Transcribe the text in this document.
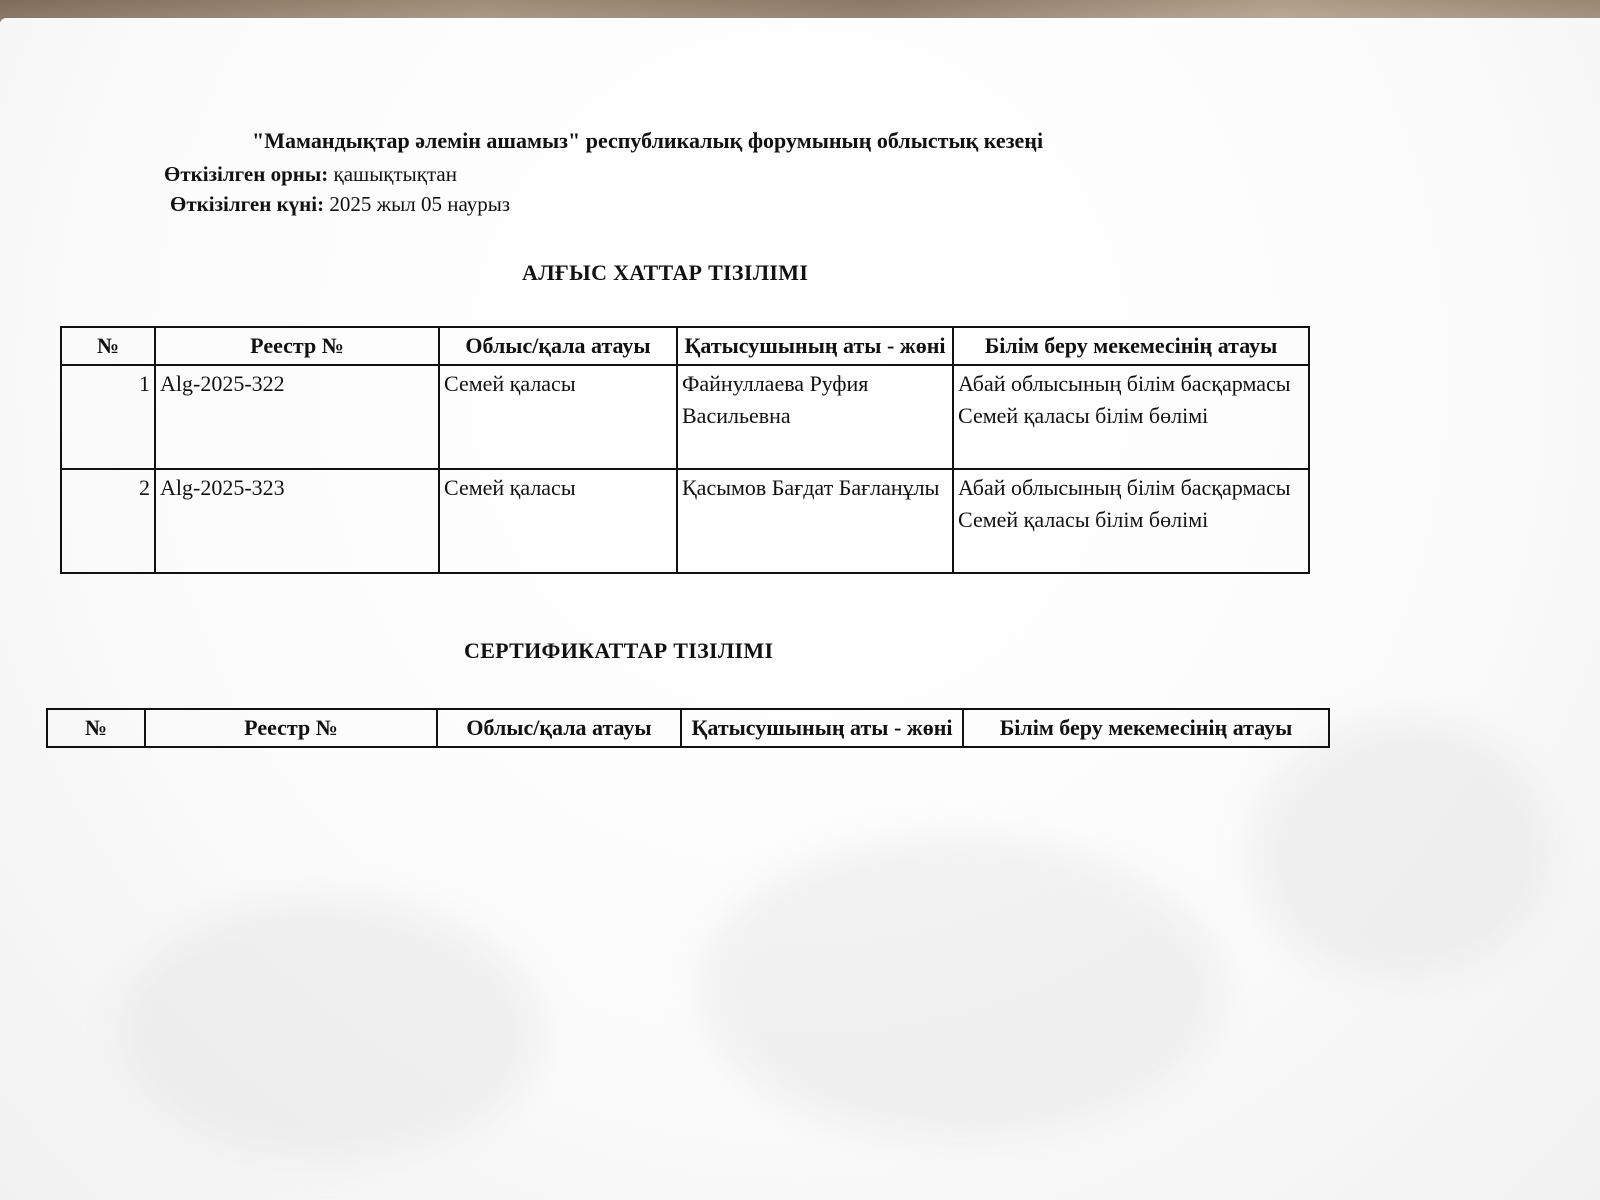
"Мамандықтар әлемін ашамыз" республикалық форумының облыстық кезеңі
Өткізілген орны: қашықтықтан
Өткізілген күні: 2025 жыл 05 наурыз
АЛҒЫС ХАТТАР ТІЗІЛІМІ
№	Реестр №	Облыс/қала атауы	Қатысушының аты - жөні	Білім беру мекемесінің атауы
1	Alg-2025-322	Семей қаласы	Файнуллаева Руфия Васильевна	Абай облысының білім басқармасы Семей қаласы білім бөлімі
2	Alg-2025-323	Семей қаласы	Қасымов Бағдат Бағланұлы	Абай облысының білім басқармасы Семей қаласы білім бөлімі
СЕРТИФИКАТТАР ТІЗІЛІМІ
№	Реестр №	Облыс/қала атауы	Қатысушының аты - жөні	Білім беру мекемесінің атауы
